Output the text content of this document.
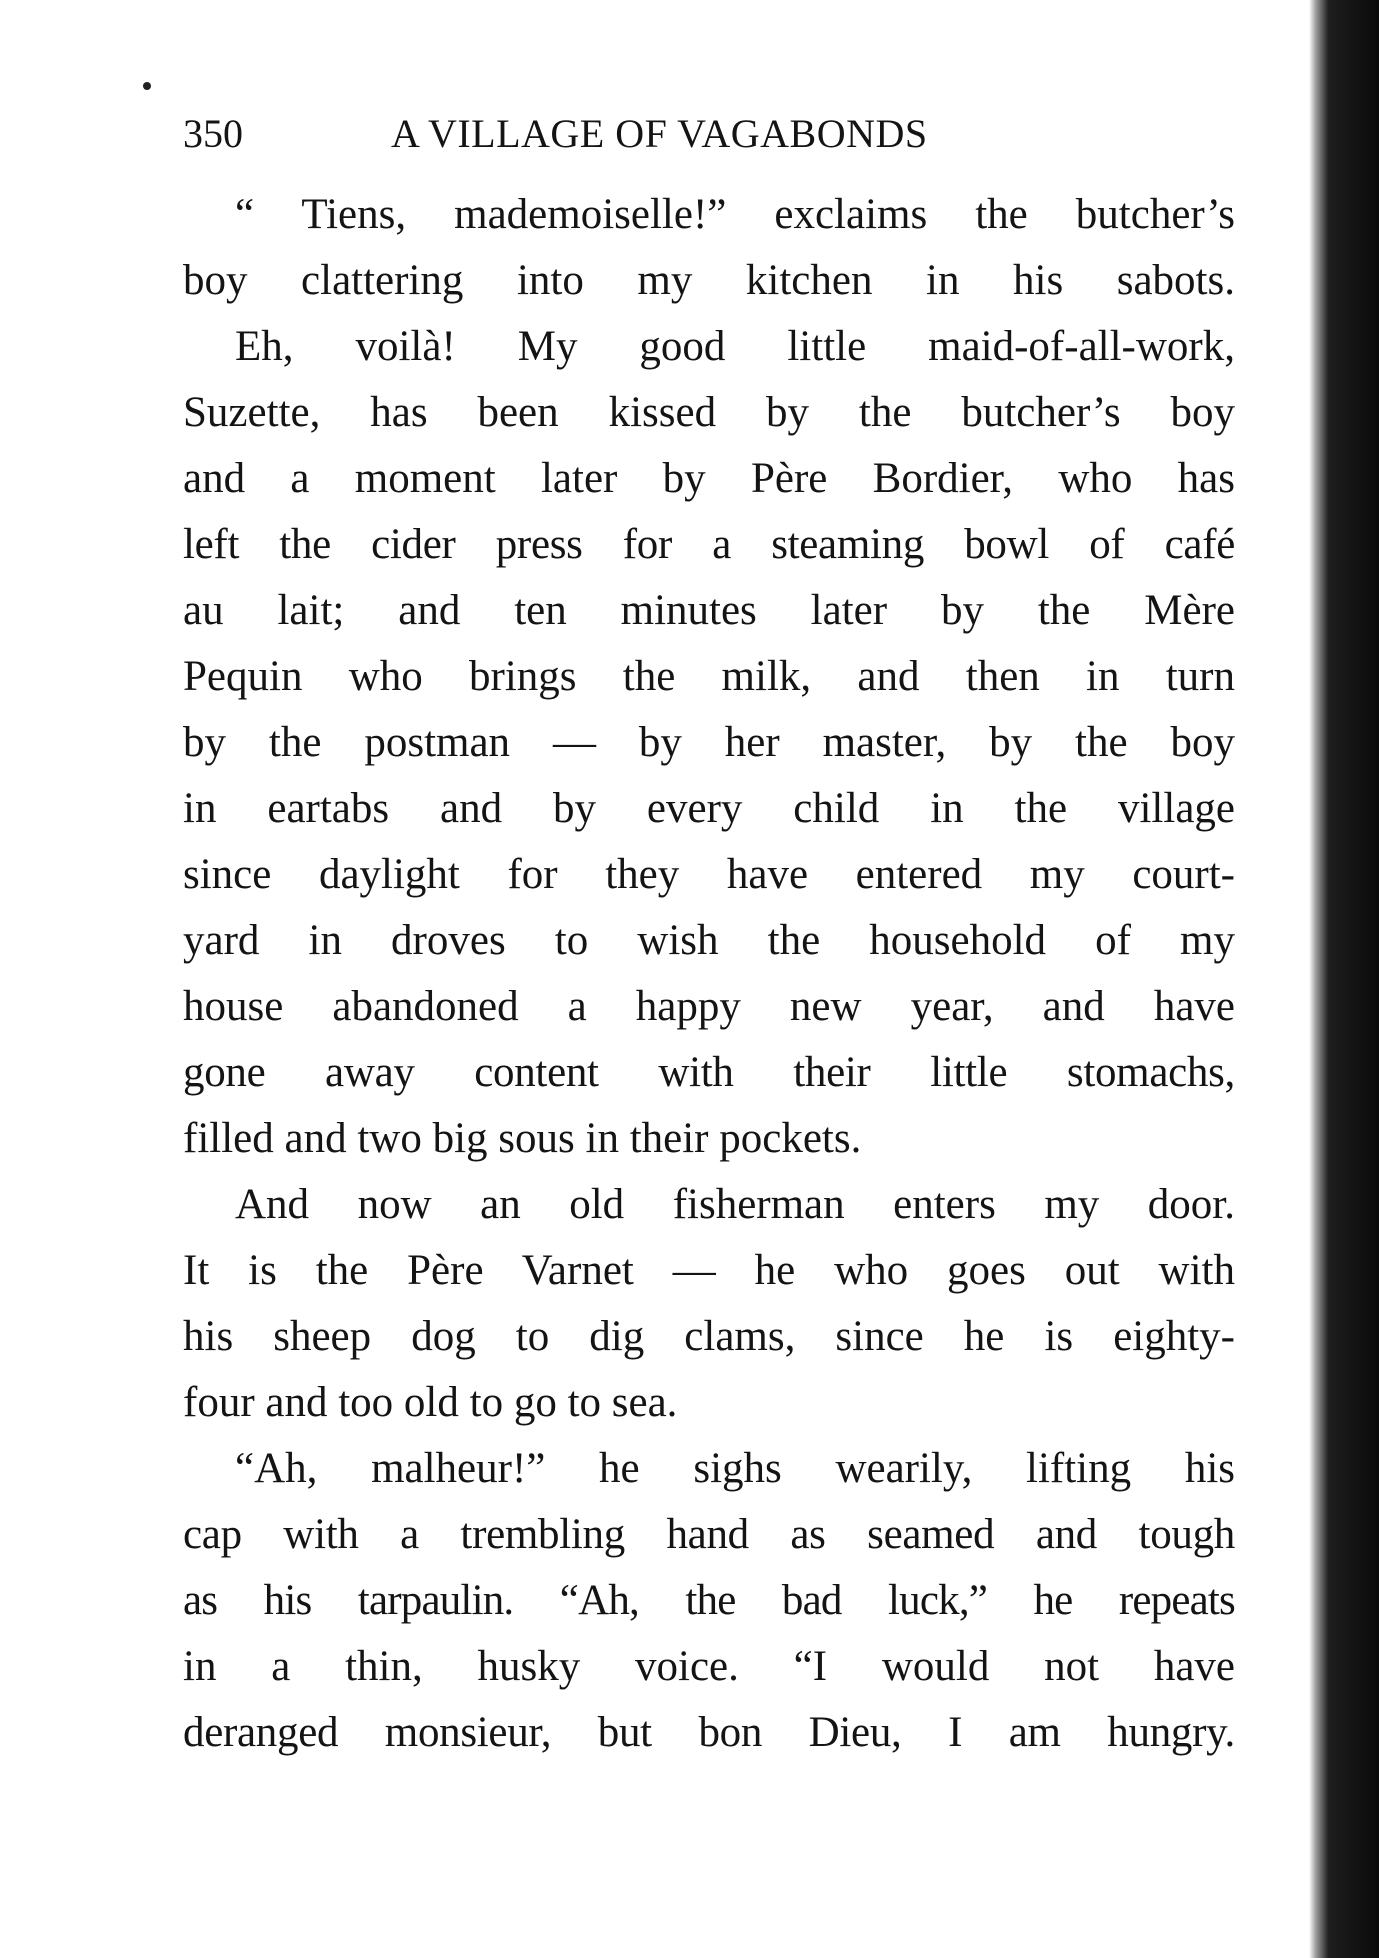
350	A VILLAGE OF VAGABONDS
“ Tiens, mademoiselle!” exclaims the butcher’s
boy clattering into my kitchen in his sabots.
Eh, voilà! My good little maid-of-all-work,
Suzette, has been kissed by the butcher’s boy
and a moment later by Père Bordier, who has
left the cider press for a steaming bowl of café
au lait; and ten minutes later by the Mère
Pequin who brings the milk, and then in turn
by the postman — by her master, by the boy
in eartabs and by every child in the village
since daylight for they have entered my court-
yard in droves to wish the household of my
house abandoned a happy new year, and have
gone away content with their little stomachs,
filled and two big sous in their pockets.
And now an old fisherman enters my door.
It is the Père Varnet — he who goes out with
his sheep dog to dig clams, since he is eighty-
four and too old to go to sea.
“Ah, malheur!” he sighs wearily, lifting his
cap with a trembling hand as seamed and tough
as his tarpaulin. “Ah, the bad luck,” he repeats
in a thin, husky voice. “I would not have
deranged monsieur, but bon Dieu, I am hungry.
